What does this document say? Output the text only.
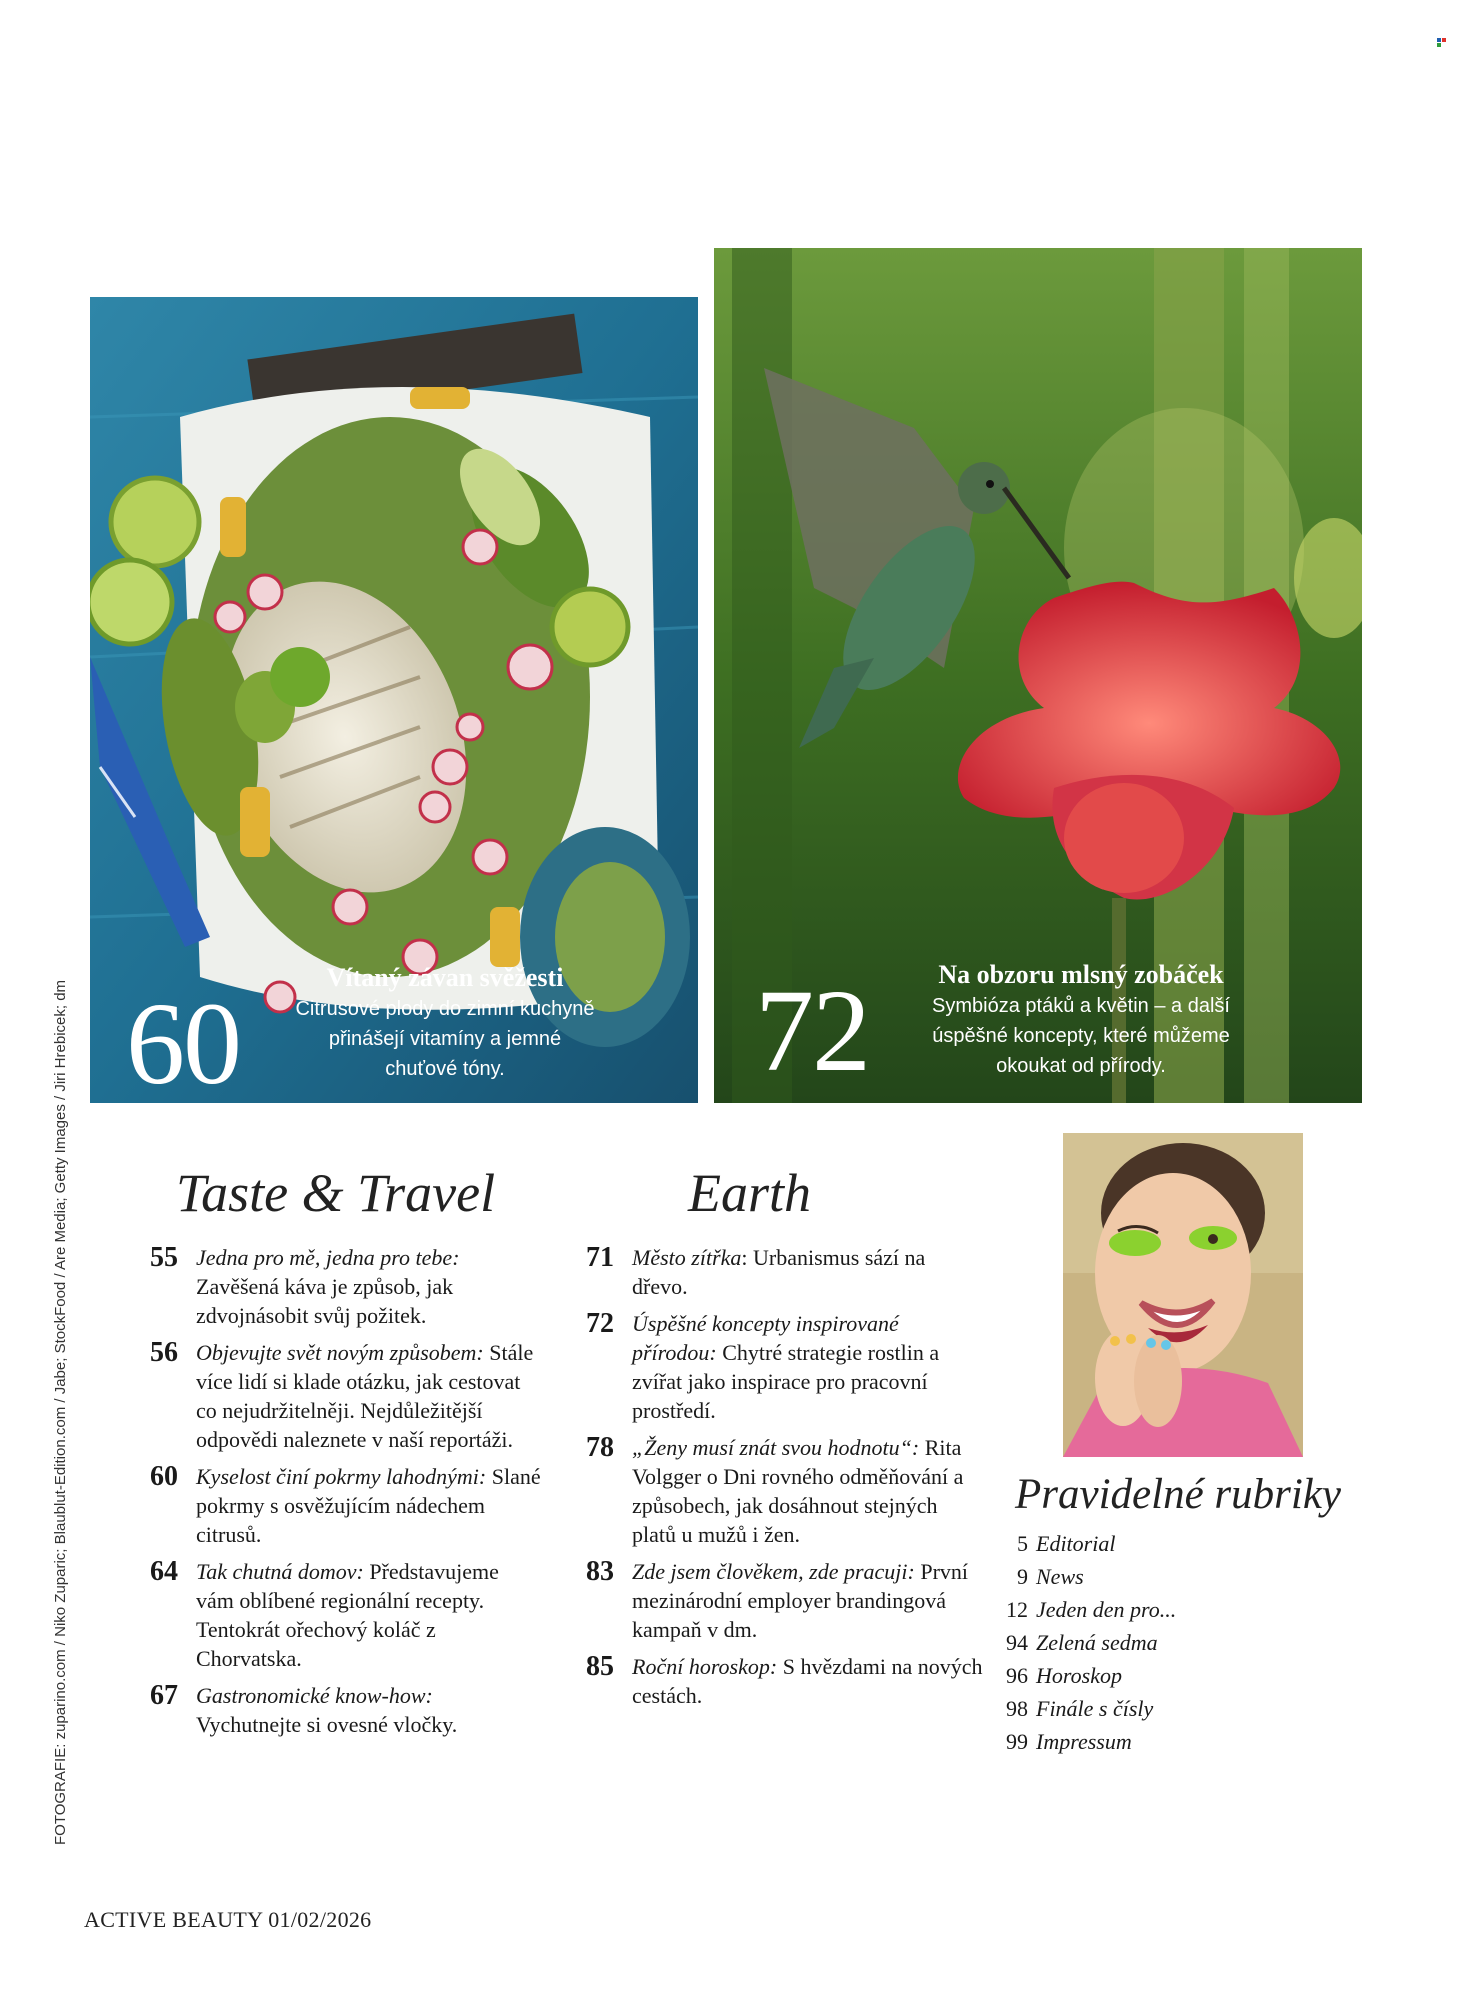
60
Vítaný závan svěžesti
Citrusové plody do zimní kuchyně
přinášejí vitamíny a jemné
chuťové tóny.	72	Na obzoru mlsný zobáček
Symbióza ptáků a květin – a další
úspěšné koncepty, které můžeme
okoukat od přírody.
FOTOGRAFIE: zuparino.com / Niko Zuparic; Blaublut-Edition.com / Jabe; StockFood / Are Media; Getty Images / Jiri Hrebicek; dm Taste & Travel	Earth
55 Jedna pro mě, jedna pro tebe: Zavěšená káva je způsob, jak zdvojnásobit svůj požitek.
56 Objevujte svět novým způsobem: Stále více lidí si klade otázku, jak cestovat co nejudržitelněji. Nejdůležitější odpovědi naleznete v naší reportáži.
60 Kyselost činí pokrmy lahodnými: Slané pokrmy s osvěžujícím nádechem citrusů.
64 Tak chutná domov: Představujeme vám oblíbené regionální recepty. Tentokrát ořechový koláč z Chorvatska.
67 Gastronomické know-how: Vychutnejte si ovesné vločky.
71 Město zítřka: Urbanismus sází na dřevo.
72 Úspěšné koncepty inspirované přírodou: Chytré strategie rostlin a zvířat jako inspirace pro pracovní prostředí.
78 „Ženy musí znát svou hodnotu“: Rita Volgger o Dni rovného odměňování a způsobech, jak dosáhnout stejných platů u mužů i žen.
83 Zde jsem člověkem, zde pracuji: První mezinárodní employer brandingová kampaň v dm.
85 Roční horoskop: S hvězdami na nových cestách.
Pravidelné rubriky
5 Editorial
9 News
12 Jeden den pro...
94 Zelená sedma
96 Horoskop
98 Finále s čísly
99 Impressum
ACTIVE BEAUTY 01/02/2026
